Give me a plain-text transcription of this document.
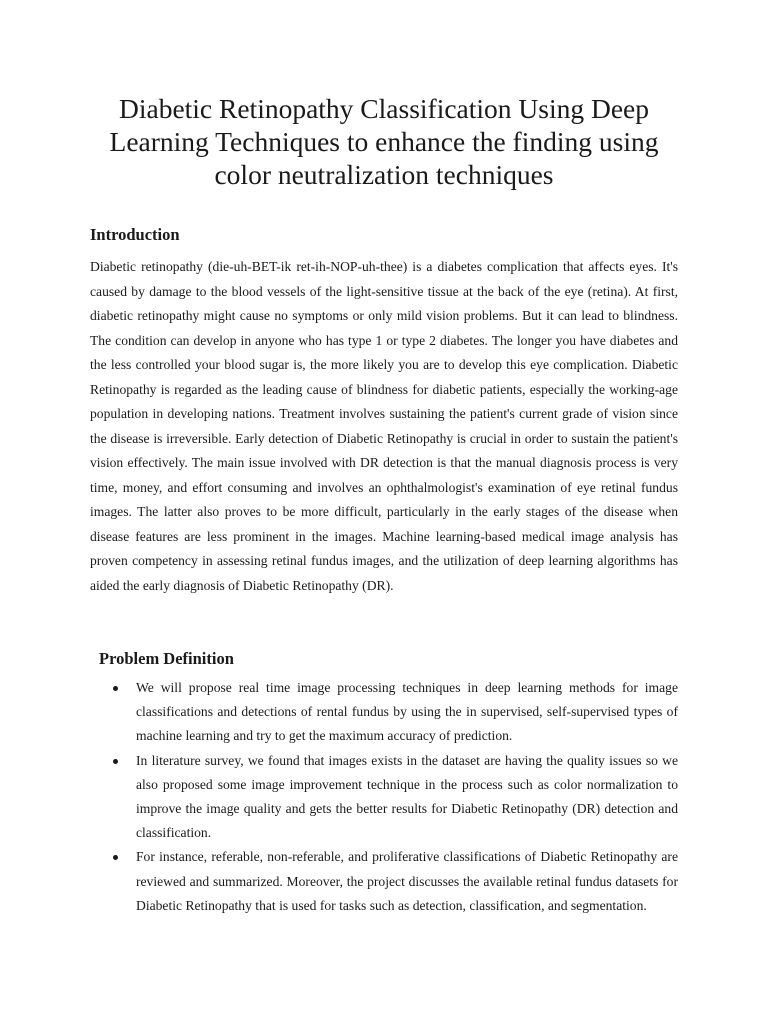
Diabetic Retinopathy Classification Using Deep Learning Techniques to enhance the finding using color neutralization techniques
Introduction

Diabetic retinopathy (die-uh-BET-ik ret-ih-NOP-uh-thee) is a diabetes complication that affects eyes. It's caused by damage to the blood vessels of the light-sensitive tissue at the back of the eye (retina). At first, diabetic retinopathy might cause no symptoms or only mild vision problems. But it can lead to blindness. The condition can develop in anyone who has type 1 or type 2 diabetes. The longer you have diabetes and the less controlled your blood sugar is, the more likely you are to develop this eye complication. Diabetic Retinopathy is regarded as the leading cause of blindness for diabetic patients, especially the working-age population in developing nations. Treatment involves sustaining the patient's current grade of vision since the disease is irreversible. Early detection of Diabetic Retinopathy is crucial in order to sustain the patient's vision effectively. The main issue involved with DR detection is that the manual diagnosis process is very time, money, and effort consuming and involves an ophthalmologist's examination of eye retinal fundus images. The latter also proves to be more difficult, particularly in the early stages of the disease when disease features are less prominent in the images. Machine learning-based medical image analysis has proven competency in assessing retinal fundus images, and the utilization of deep learning algorithms has aided the early diagnosis of Diabetic Retinopathy (DR).

Problem Definition
We will propose real time image processing techniques in deep learning methods for image classifications and detections of rental fundus by using the in supervised, self-supervised types of machine learning and try to get the maximum accuracy of prediction.
In literature survey, we found that images exists in the dataset are having the quality issues so we also proposed some image improvement technique in the process such as color normalization to improve the image quality and gets the better results for Diabetic Retinopathy (DR) detection and classification.
For instance, referable, non-referable, and proliferative classifications of Diabetic Retinopathy are reviewed and summarized. Moreover, the project discusses the available retinal fundus datasets for Diabetic Retinopathy that is used for tasks such as detection, classification, and segmentation.
